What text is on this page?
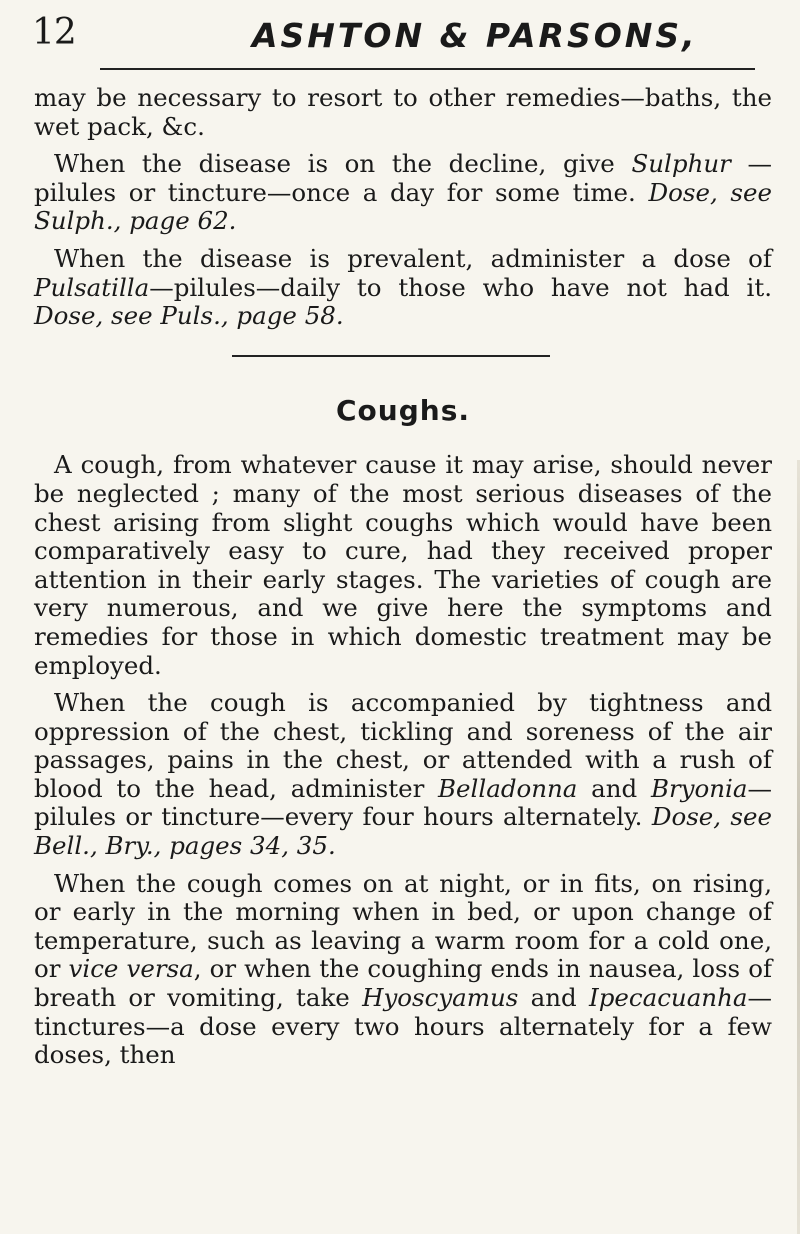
12	ASHTON & PARSONS,

may be necessary to resort to other remedies—baths, the wet pack, &c.

When the disease is on the decline, give Sulphur —pilules or tincture—once a day for some time. Dose, see Sulph., page 62.

When the disease is prevalent, administer a dose of Pulsatilla—pilules—daily to those who have not had it. Dose, see Puls., page 58.

Coughs.

A cough, from whatever cause it may arise, should never be neglected ; many of the most serious diseases of the chest arising from slight coughs which would have been comparatively easy to cure, had they received proper attention in their early stages. The varieties of cough are very numerous, and we give here the symptoms and remedies for those in which domestic treatment may be employed.

When the cough is accompanied by tightness and oppression of the chest, tickling and soreness of the air passages, pains in the chest, or attended with a rush of blood to the head, administer Belladonna and Bryonia—pilules or tincture—every four hours alternately. Dose, see Bell., Bry., pages 34, 35.

When the cough comes on at night, or in fits, on rising, or early in the morning when in bed, or upon change of temperature, such as leaving a warm room for a cold one, or vice versa, or when the coughing ends in nausea, loss of breath or vomiting, take Hyoscyamus and Ipecacuanha—tinctures—a dose every two hours alternately for a few doses, then
